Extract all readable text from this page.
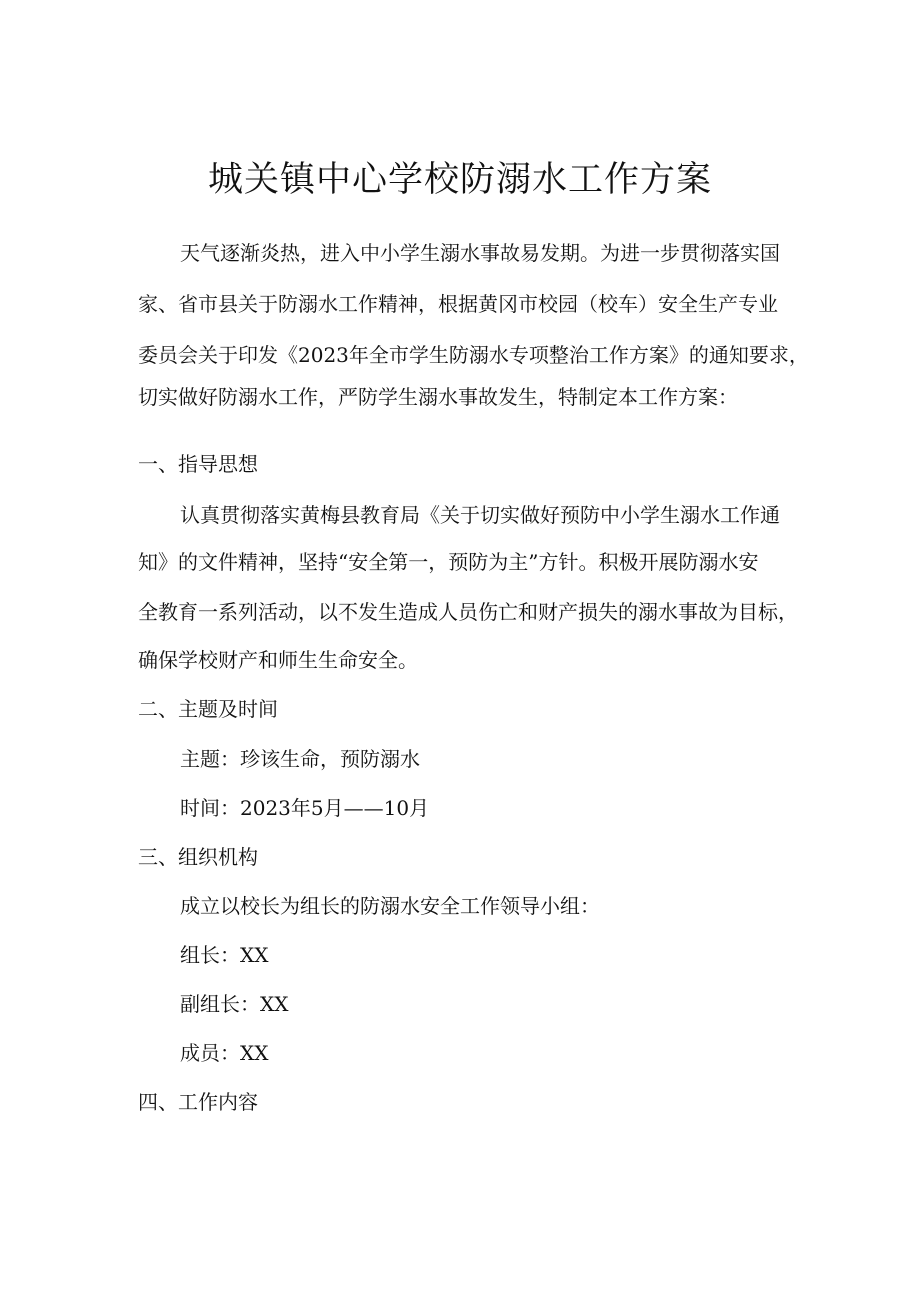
城关镇中心学校防溺水工作方案
天气逐渐炎热，进入中小学生溺水事故易发期。为进一步贯彻落实国
家、省市县关于防溺水工作精神，根据黄冈市校园（校车）安全生产专业
委员会关于印发《2023年全市学生防溺水专项整治工作方案》的通知要求，
切实做好防溺水工作，严防学生溺水事故发生，特制定本工作方案：
一、指导思想
认真贯彻落实黄梅县教育局《关于切实做好预防中小学生溺水工作通
知》的文件精神，坚持“安全第一，预防为主”方针。积极开展防溺水安
全教育一系列活动，以不发生造成人员伤亡和财产损失的溺水事故为目标，
确保学校财产和师生生命安全。
二、主题及时间
主题：珍该生命，预防溺水
时间：2023年5月——10月
三、组织机构
成立以校长为组长的防溺水安全工作领导小组：
组长：XX
副组长：XX
成员：XX
四、工作内容
